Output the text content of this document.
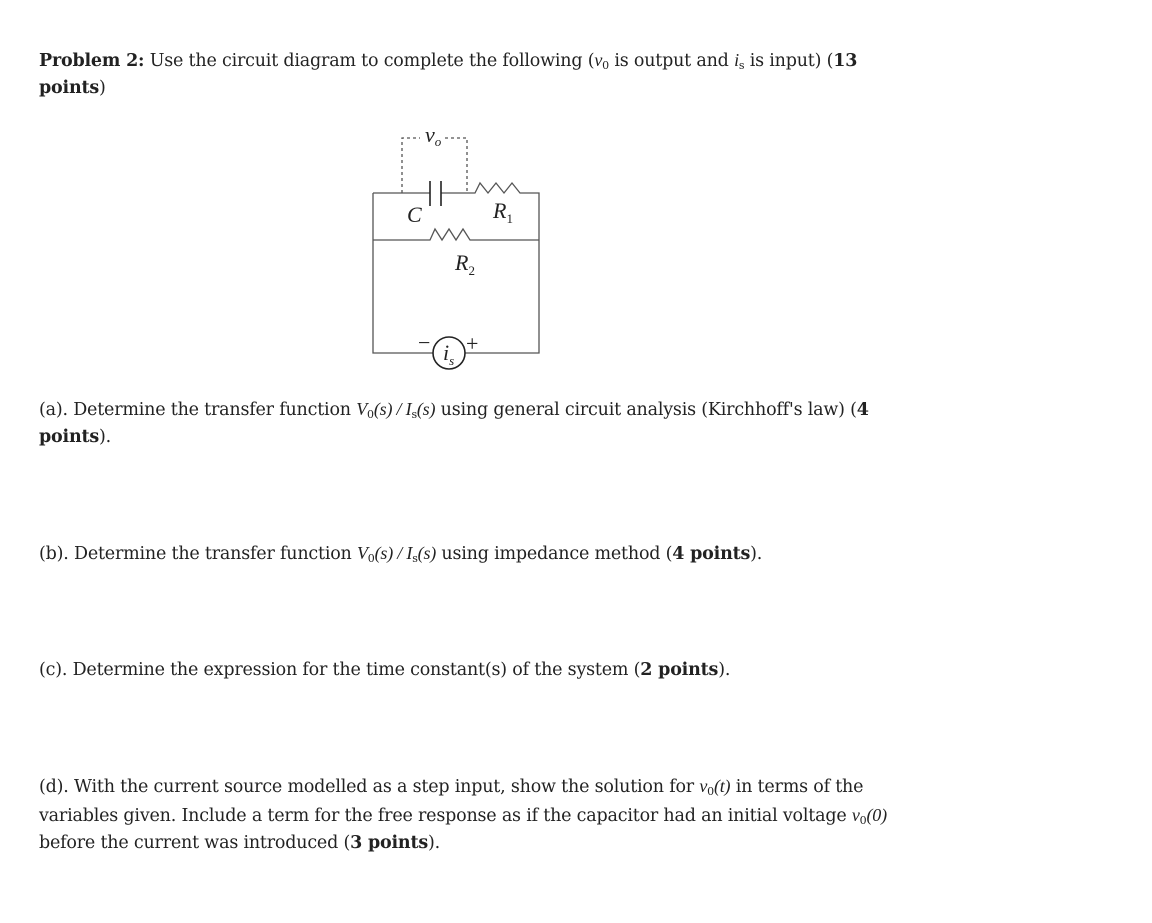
Problem 2: Use the circuit diagram to complete the following ($v_0$ is output and $i_s$ is input) (13
points)
vo
C	$R_1$
$R_2$
$i_s$
− +
(a). Determine the transfer function $V_0(s) / I_s(s)$ using general circuit analysis (Kirchhoff's law) (4
points).
(b). Determine the transfer function $V_0(s) / I_s(s)$ using impedance method (4 points).
(c). Determine the expression for the time constant(s) of the system (2 points).
(d). With the current source modelled as a step input, show the solution for $v_0(t)$ in terms of the
variables given. Include a term for the free response as if the capacitor had an initial voltage $v_0(0)$
before the current was introduced (3 points).
